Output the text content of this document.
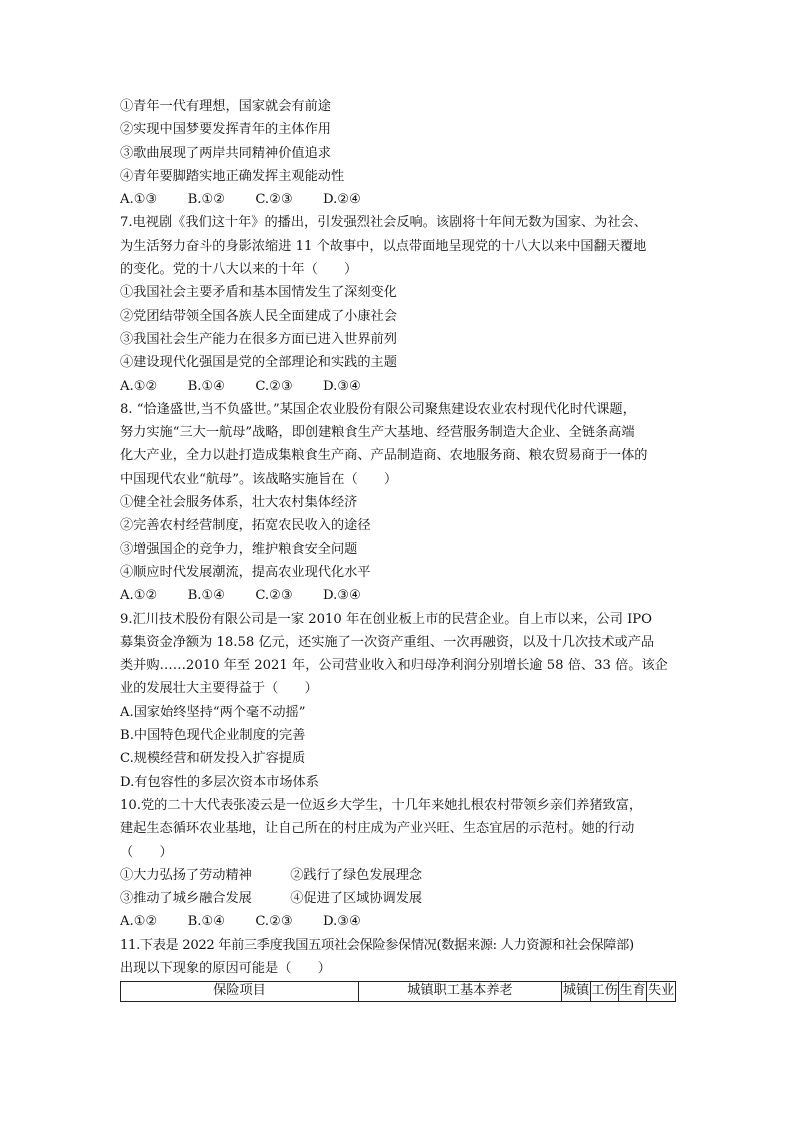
①青年一代有理想，国家就会有前途
②实现中国梦要发挥青年的主体作用
③歌曲展现了两岸共同精神价值追求
④青年要脚踏实地正确发挥主观能动性
A.①③ B.①② C.②③ D.②④
7.电视剧《我们这十年》的播出，引发强烈社会反响。该剧将十年间无数为国家、为社会、
为生活努力奋斗的身影浓缩进 11 个故事中，以点带面地呈现党的十八大以来中国翻天覆地
的变化。党的十八大以来的十年（　　）
①我国社会主要矛盾和基本国情发生了深刻变化
②党团结带领全国各族人民全面建成了小康社会
③我国社会生产能力在很多方面已进入世界前列
④建设现代化强国是党的全部理论和实践的主题
A.①② B.①④ C.②③ D.③④
8. “恰逢盛世,当不负盛世。”某国企农业股份有限公司聚焦建设农业农村现代化时代课题，
努力实施“三大一航母”战略，即创建粮食生产大基地、经营服务制造大企业、全链条高端
化大产业，全力以赴打造成集粮食生产商、产品制造商、农地服务商、粮农贸易商于一体的
中国现代农业“航母”。该战略实施旨在（　　）
①健全社会服务体系，壮大农村集体经济
②完善农村经营制度，拓宽农民收入的途径
③增强国企的竞争力，维护粮食安全问题
④顺应时代发展潮流，提高农业现代化水平
A.①② B.①④ C.②③ D.③④
9.汇川技术股份有限公司是一家 2010 年在创业板上市的民营企业。自上市以来，公司 IPO
募集资金净额为 18.58 亿元，还实施了一次资产重组、一次再融资，以及十几次技术或产品
类并购……2010 年至 2021 年，公司营业收入和归母净利润分别增长逾 58 倍、33 倍。该企
业的发展壮大主要得益于（　　）
A.国家始终坚持“两个毫不动摇”
B.中国特色现代企业制度的完善
C.规模经营和研发投入扩容提质
D.有包容性的多层次资本市场体系
10.党的二十大代表张凌云是一位返乡大学生，十几年来她扎根农村带领乡亲们养猪致富，
建起生态循环农业基地，让自己所在的村庄成为产业兴旺、生态宜居的示范村。她的行动
（　　）
①大力弘扬了劳动精神	②践行了绿色发展理念
③推动了城乡融合发展	④促进了区域协调发展
A.①② B.①④ C.②③ D.③④
11.下表是 2022 年前三季度我国五项社会保险参保情况(数据来源: 人力资源和社会保障部)
出现以下现象的原因可能是（　　）
保险项目	城镇职工基本养老	城镇	工伤	生育	失业
